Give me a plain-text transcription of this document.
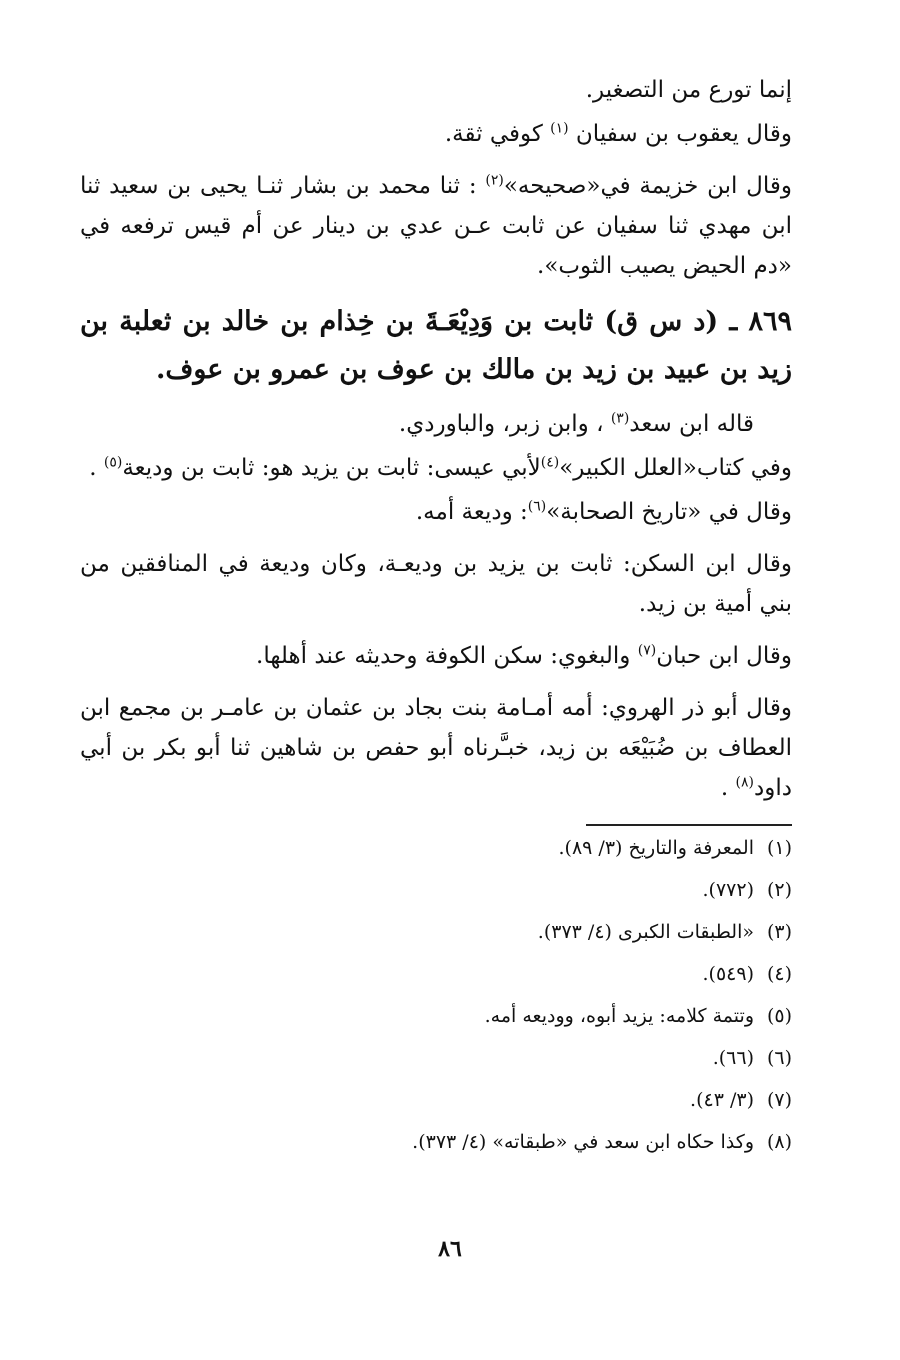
إنما تورع من التصغير.

وقال يعقوب بن سفيان $^{(١)}$ كوفي ثقة.

وقال ابن خزيمة في«صحيحه»$^{(٢)}$ : ثنا محمد بن بشار ثنـا يحيى بن سعيد ثنا ابن مهدي ثنا سفيان عن ثابت عـن عدي بن دينار عن أم قيس ترفعه في «دم الحيض يصيب الثوب».

٨٦٩ ـ (د س ق) ثابت بن وَدِيْعَـةَ بن خِذام بن خالد بن ثعلبة بن زيد بن عبيد بن زيد بن مالك بن عوف بن عمرو بن عوف.

قاله ابن سعد$^{(٣)}$ ، وابن زبر، والباوردي.

وفي كتاب«العلل الكبير»$^{(٤)}$لأبي عيسى: ثابت بن يزيد هو: ثابت بن وديعة$^{(٥)}$ .

وقال في «تاريخ الصحابة»$^{(٦)}$: وديعة أمه.

وقال ابن السكن: ثابت بن يزيد بن وديعـة، وكان وديعة في المنافقين من بني أمية بن زيد.

وقال ابن حبان$^{(٧)}$ والبغوي: سكن الكوفة وحديثه عند أهلها.

وقال أبو ذر الهروي: أمه أمـامة بنت بجاد بن عثمان بن عامـر بن مجمع ابن العطاف بن ضُبَيْعَه بن زيد، خبـَّرناه أبو حفص بن شاهين ثنا أبو بكر بن أبي داود$^{(٨)}$ .

(١)
المعرفة والتاريخ (٣/ ٨٩).
(٢)
(٧٧٢).
(٣)
«الطبقات الكبرى (٤/ ٣٧٣).
(٤)
(٥٤٩).
(٥)
وتتمة كلامه: يزيد أبوه، ووديعه أمه.
(٦)
(٦٦).
(٧)
(٣/ ٤٣).
(٨)
وكذا حكاه ابن سعد في «طبقاته» (٤/ ٣٧٣).
٨٦
